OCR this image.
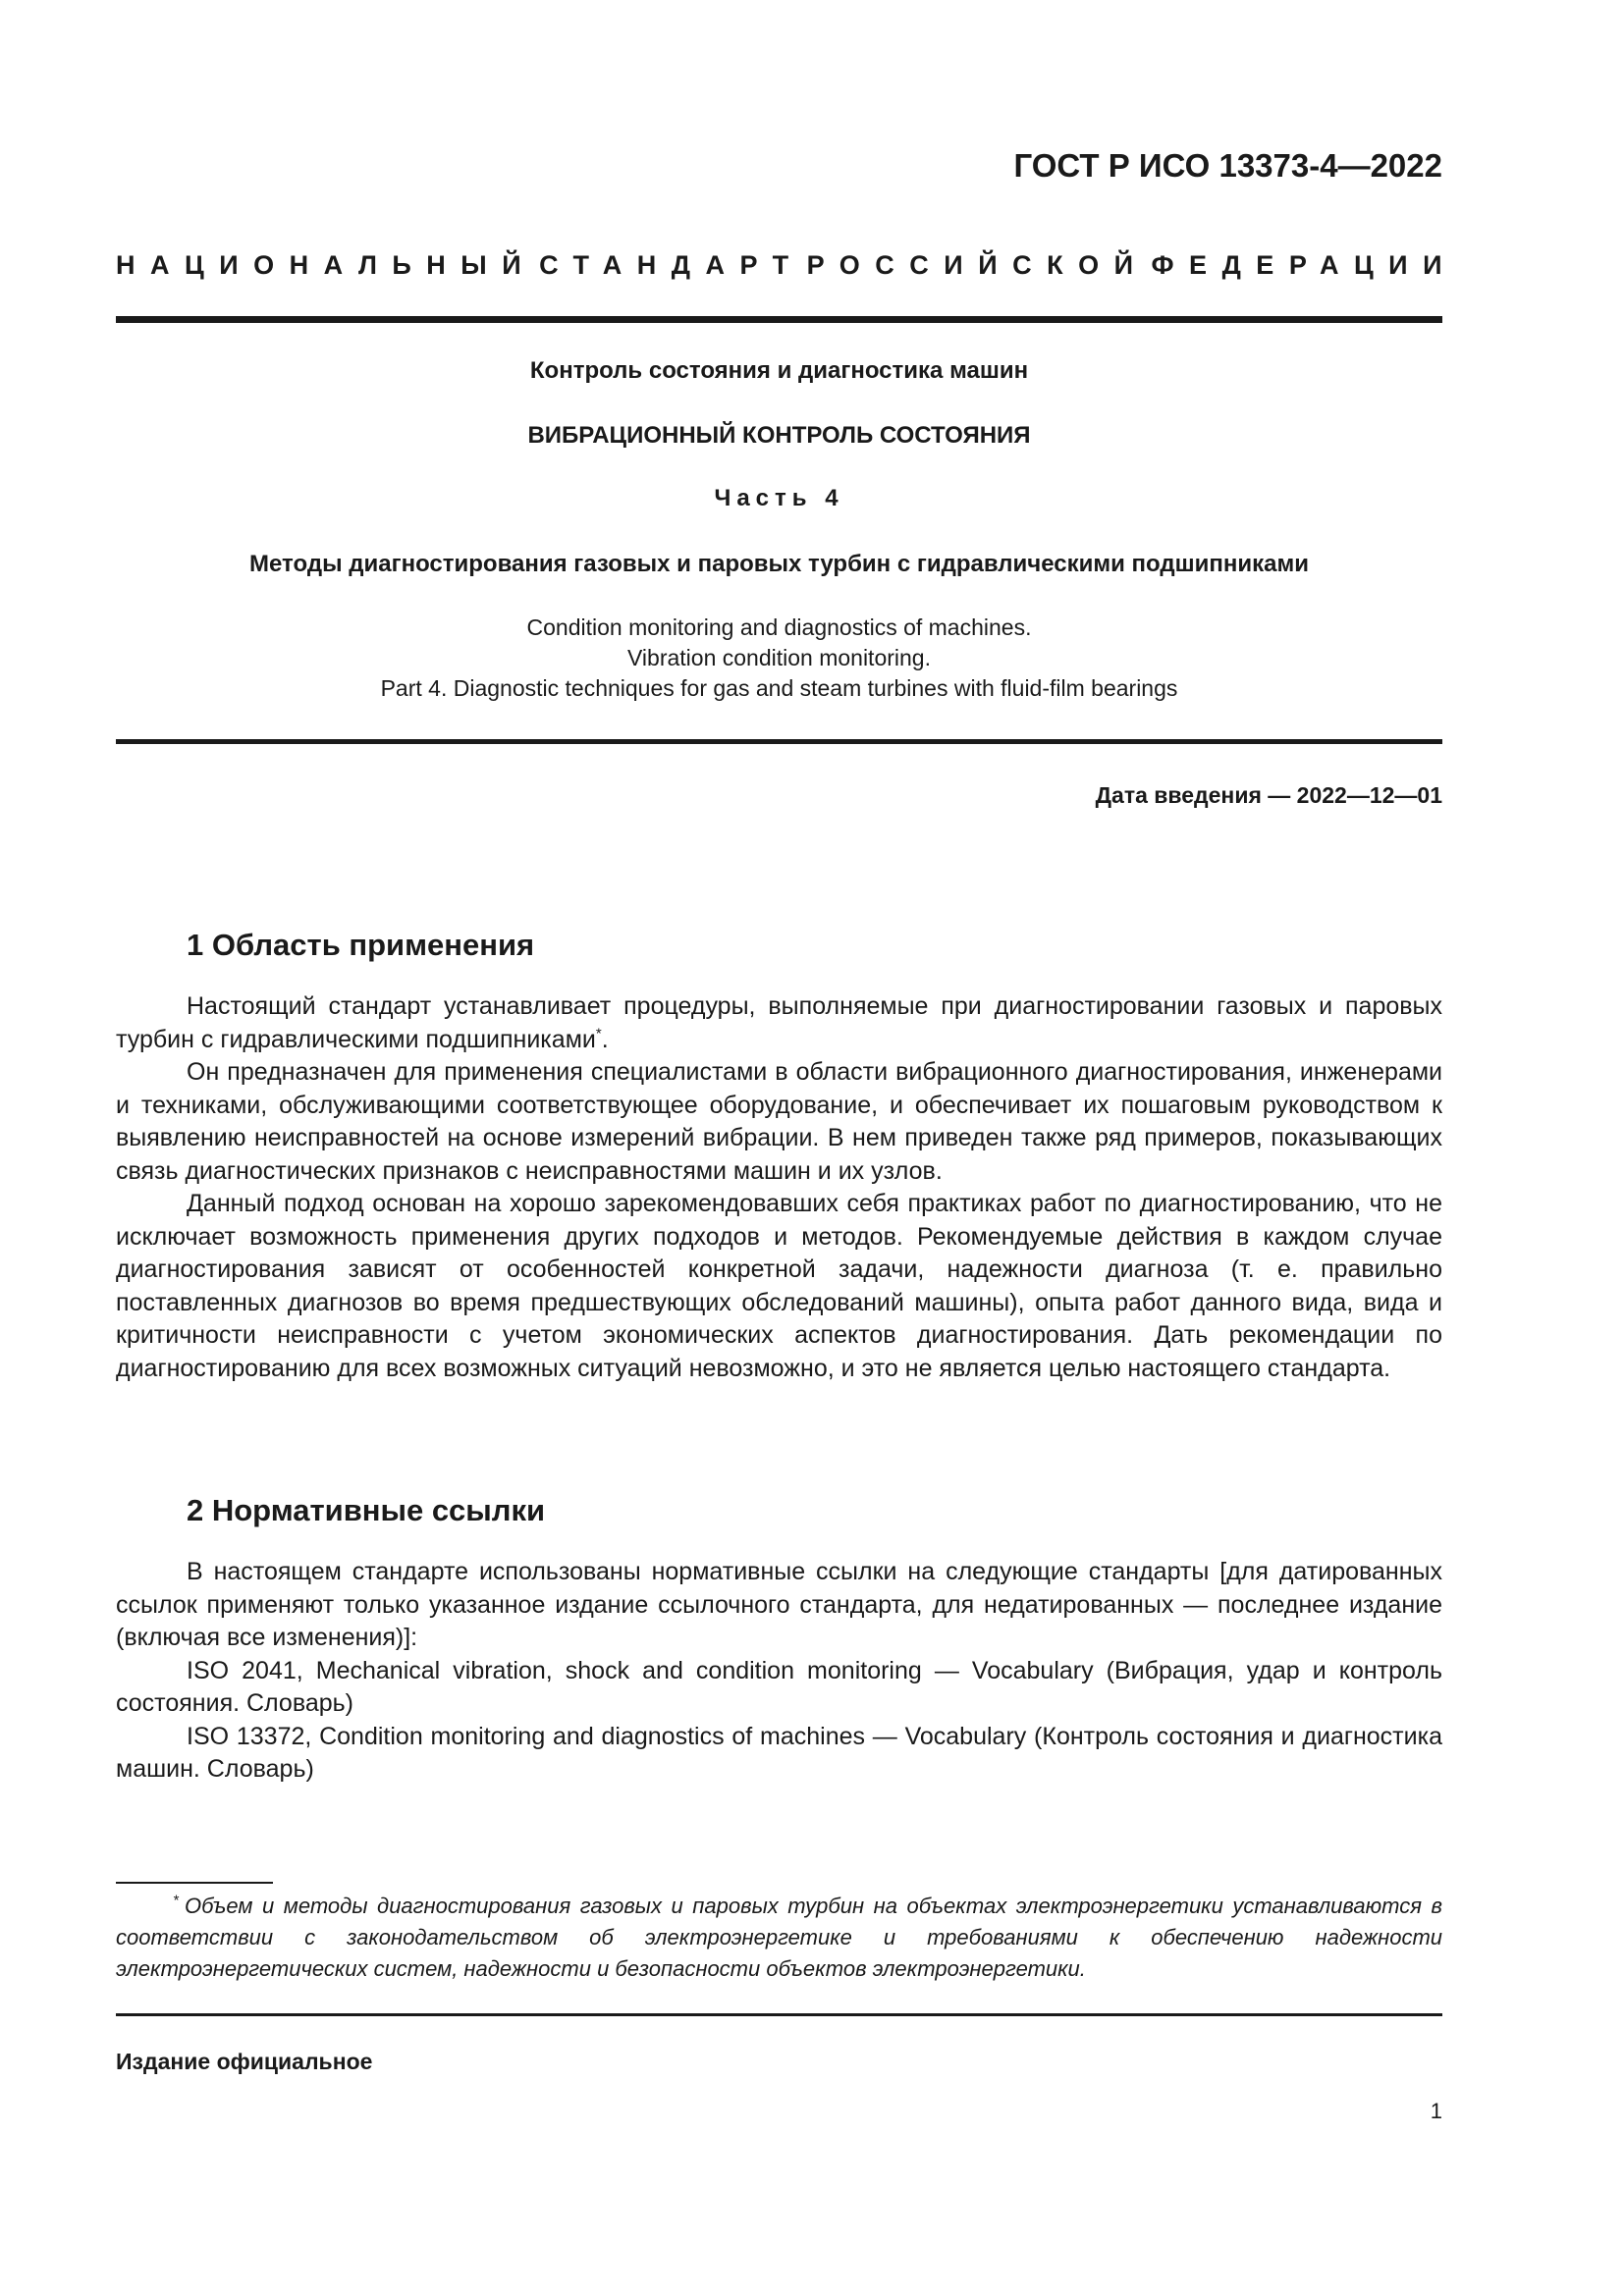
ГОСТ Р ИСО 13373-4—2022
НАЦИОНАЛЬНЫЙ СТАНДАРТ РОССИЙСКОЙ ФЕДЕРАЦИИ
Контроль состояния и диагностика машин
ВИБРАЦИОННЫЙ КОНТРОЛЬ СОСТОЯНИЯ
Часть 4
Методы диагностирования газовых и паровых турбин с гидравлическими подшипниками
Condition monitoring and diagnostics of machines.
Vibration condition monitoring.
Part 4. Diagnostic techniques for gas and steam turbines with fluid-film bearings
Дата введения — 2022—12—01
1 Область применения

Настоящий стандарт устанавливает процедуры, выполняемые при диагностировании газовых и паровых турбин с гидравлическими подшипниками*.

Он предназначен для применения специалистами в области вибрационного диагностирования, инженерами и техниками, обслуживающими соответствующее оборудование, и обеспечивает их пошаговым руководством к выявлению неисправностей на основе измерений вибрации. В нем приведен также ряд примеров, показывающих связь диагностических признаков с неисправностями машин и их узлов.

Данный подход основан на хорошо зарекомендовавших себя практиках работ по диагностированию, что не исключает возможность применения других подходов и методов. Рекомендуемые действия в каждом случае диагностирования зависят от особенностей конкретной задачи, надежности диагноза (т. е. правильно поставленных диагнозов во время предшествующих обследований машины), опыта работ данного вида, вида и критичности неисправности с учетом экономических аспектов диагностирования. Дать рекомендации по диагностированию для всех возможных ситуаций невозможно, и это не является целью настоящего стандарта.

2 Нормативные ссылки

В настоящем стандарте использованы нормативные ссылки на следующие стандарты [для датированных ссылок применяют только указанное издание ссылочного стандарта, для недатированных — последнее издание (включая все изменения)]:

ISO 2041, Mechanical vibration, shock and condition monitoring — Vocabulary (Вибрация, удар и контроль состояния. Словарь)

ISO 13372, Condition monitoring and diagnostics of machines — Vocabulary (Контроль состояния и диагностика машин. Словарь)

* Объем и методы диагностирования газовых и паровых турбин на объектах электроэнергетики устанавливаются в соответствии с законодательством об электроэнергетике и требованиями к обеспечению надежности электроэнергетических систем, надежности и безопасности объектов электроэнергетики.
Издание официальное
1
